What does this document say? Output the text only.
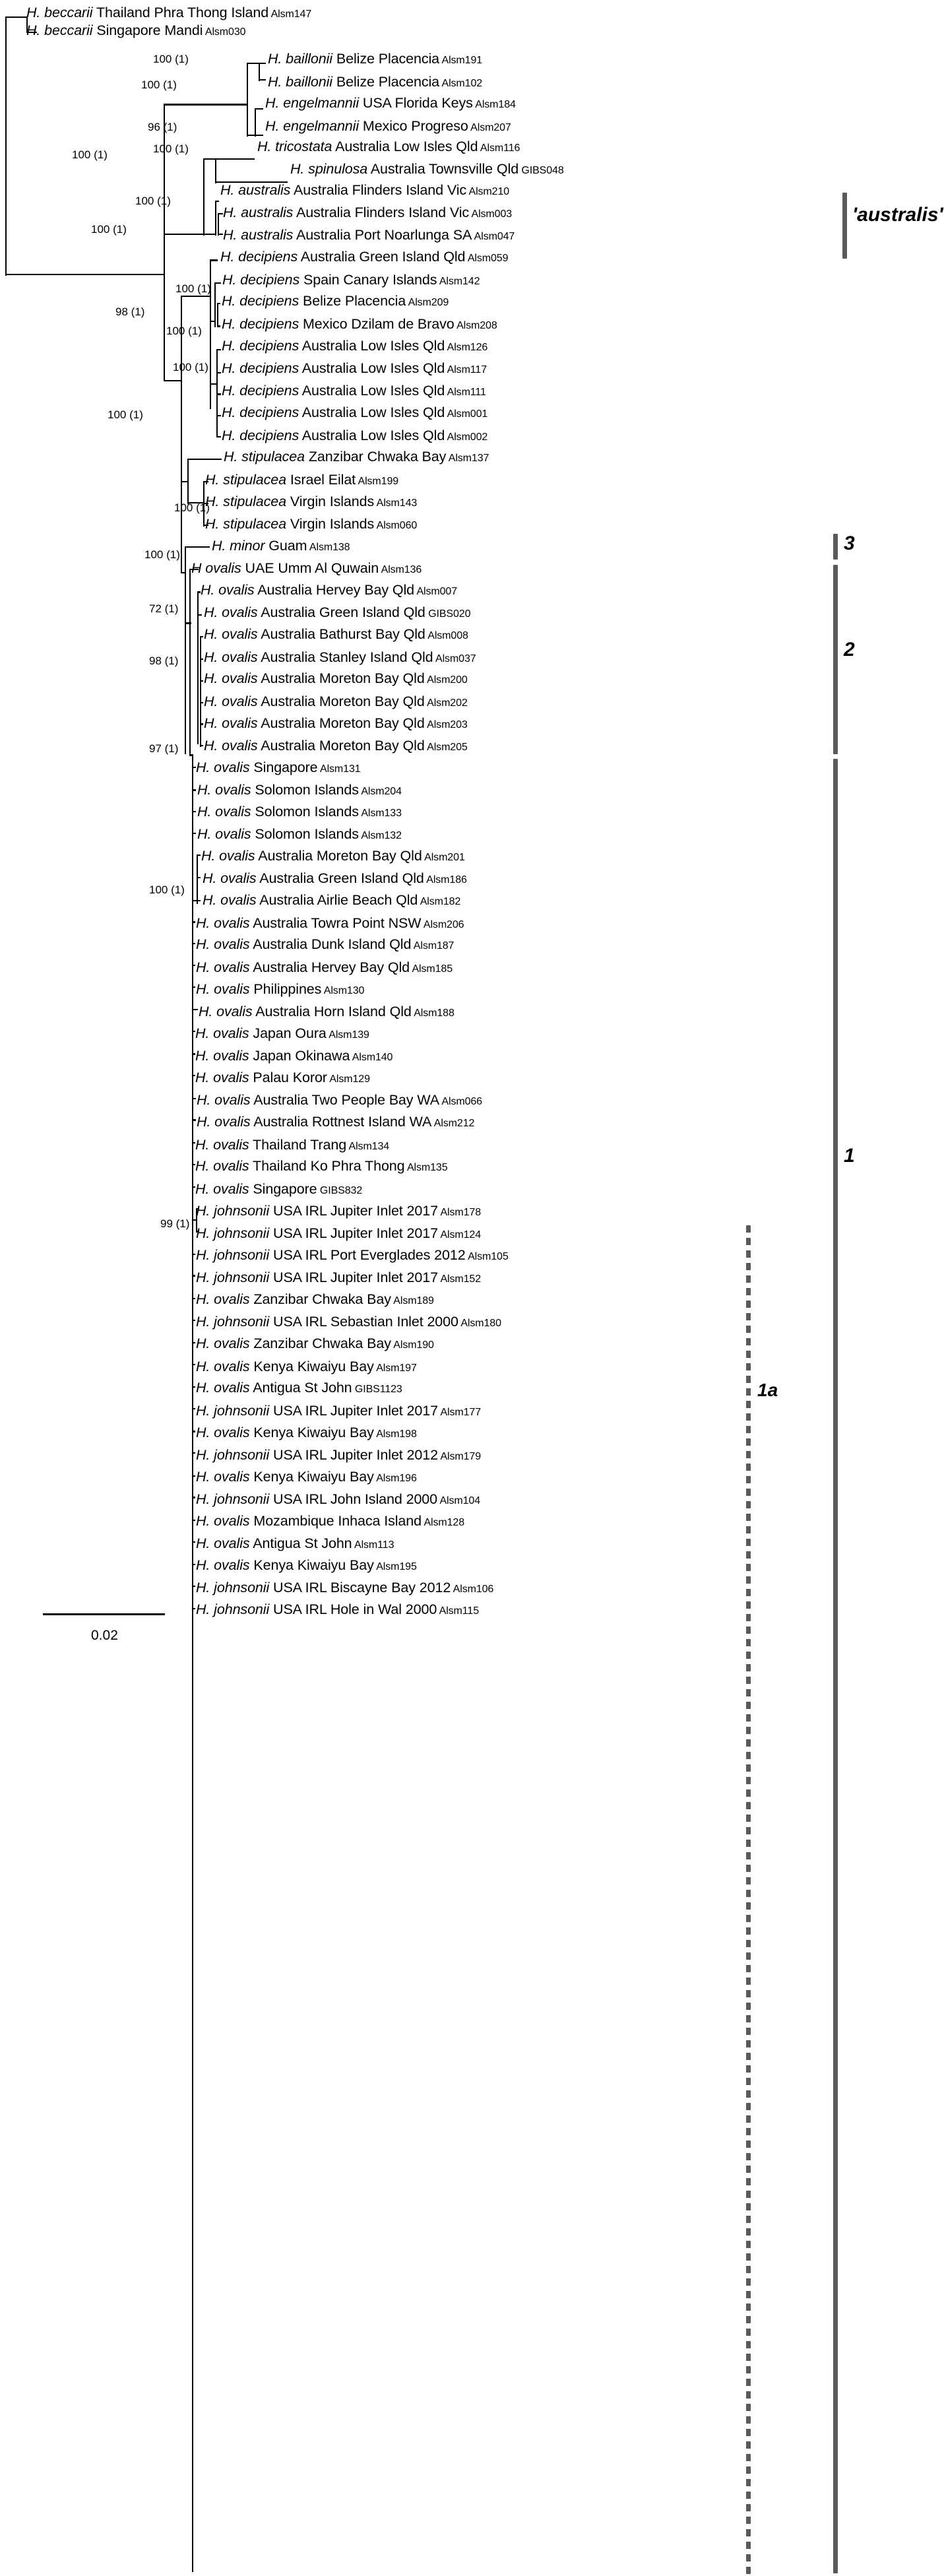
H. beccarii Thailand Phra Thong Island Alsm147
H. beccarii Singapore Mandi Alsm030
H. baillonii Belize Placencia Alsm191
H. baillonii Belize Placencia Alsm102
H. engelmannii USA Florida Keys Alsm184
H. engelmannii Mexico Progreso Alsm207
H. tricostata Australia Low Isles Qld Alsm116
H. spinulosa Australia Townsville Qld GIBS048
H. australis Australia Flinders Island Vic Alsm210
H. australis Australia Flinders Island Vic Alsm003
H. australis Australia Port Noarlunga SA Alsm047
H. decipiens Australia Green Island Qld Alsm059
H. decipiens Spain Canary Islands Alsm142
H. decipiens Belize Placencia Alsm209
H. decipiens Mexico Dzilam de Bravo Alsm208
H. decipiens Australia Low Isles Qld Alsm126
H. decipiens Australia Low Isles Qld Alsm117
H. decipiens Australia Low Isles Qld Alsm111
H. decipiens Australia Low Isles Qld Alsm001
H. decipiens Australia Low Isles Qld Alsm002
H. stipulacea Zanzibar Chwaka Bay Alsm137
H. stipulacea Israel Eilat Alsm199
H. stipulacea Virgin Islands Alsm143
H. stipulacea Virgin Islands Alsm060
H. minor Guam Alsm138
H ovalis UAE Umm Al Quwain Alsm136
H. ovalis Australia Hervey Bay Qld Alsm007
H. ovalis Australia Green Island Qld GIBS020
H. ovalis Australia Bathurst Bay Qld Alsm008
H. ovalis Australia Stanley Island Qld Alsm037
H. ovalis Australia Moreton Bay Qld Alsm200
H. ovalis Australia Moreton Bay Qld Alsm202
H. ovalis Australia Moreton Bay Qld Alsm203
H. ovalis Australia Moreton Bay Qld Alsm205
H. ovalis Singapore Alsm131
H. ovalis Solomon Islands Alsm204
H. ovalis Solomon Islands Alsm133
H. ovalis Solomon Islands Alsm132
H. ovalis Australia Moreton Bay Qld Alsm201
H. ovalis Australia Green Island Qld Alsm186
H. ovalis Australia Airlie Beach Qld Alsm182
H. ovalis Australia Towra Point NSW Alsm206
H. ovalis Australia Dunk Island Qld Alsm187
H. ovalis Australia Hervey Bay Qld Alsm185
H. ovalis Philippines Alsm130
H. ovalis Australia Horn Island Qld Alsm188
H. ovalis Japan Oura Alsm139
H. ovalis Japan Okinawa Alsm140
H. ovalis Palau Koror Alsm129
H. ovalis Australia Two People Bay WA Alsm066
H. ovalis Australia Rottnest Island WA Alsm212
H. ovalis Thailand Trang Alsm134
H. ovalis Thailand Ko Phra Thong Alsm135
H. ovalis Singapore GIBS832
H. johnsonii USA IRL Jupiter Inlet 2017 Alsm178
H. johnsonii USA IRL Jupiter Inlet 2017 Alsm124
H. johnsonii USA IRL Port Everglades 2012 Alsm105
H. johnsonii USA IRL Jupiter Inlet 2017 Alsm152
H. ovalis Zanzibar Chwaka Bay Alsm189
H. johnsonii USA IRL Sebastian Inlet 2000 Alsm180
H. ovalis Zanzibar Chwaka Bay Alsm190
H. ovalis Kenya Kiwaiyu Bay Alsm197
H. ovalis Antigua St John GIBS1123
H. johnsonii USA IRL Jupiter Inlet 2017 Alsm177
H. ovalis Kenya Kiwaiyu Bay Alsm198
H. johnsonii USA IRL Jupiter Inlet 2012 Alsm179
H. ovalis Kenya Kiwaiyu Bay Alsm196
H. johnsonii USA IRL John Island 2000 Alsm104
H. ovalis Mozambique Inhaca Island Alsm128
H. ovalis Antigua St John Alsm113
H. ovalis Kenya Kiwaiyu Bay Alsm195
H. johnsonii USA IRL Biscayne Bay 2012 Alsm106
H. johnsonii USA IRL Hole in Wal 2000 Alsm115
100 (1)
100 (1)
96 (1)
100 (1)
100 (1)
100 (1)
100 (1)
100 (1)
100 (1)
98 (1)
100 (1)
100 (1)
100 (1)
100 (1)
72 (1)
98 (1)
97 (1)
100 (1)
99 (1)
'australis'
3
2
1
1a
0.02
